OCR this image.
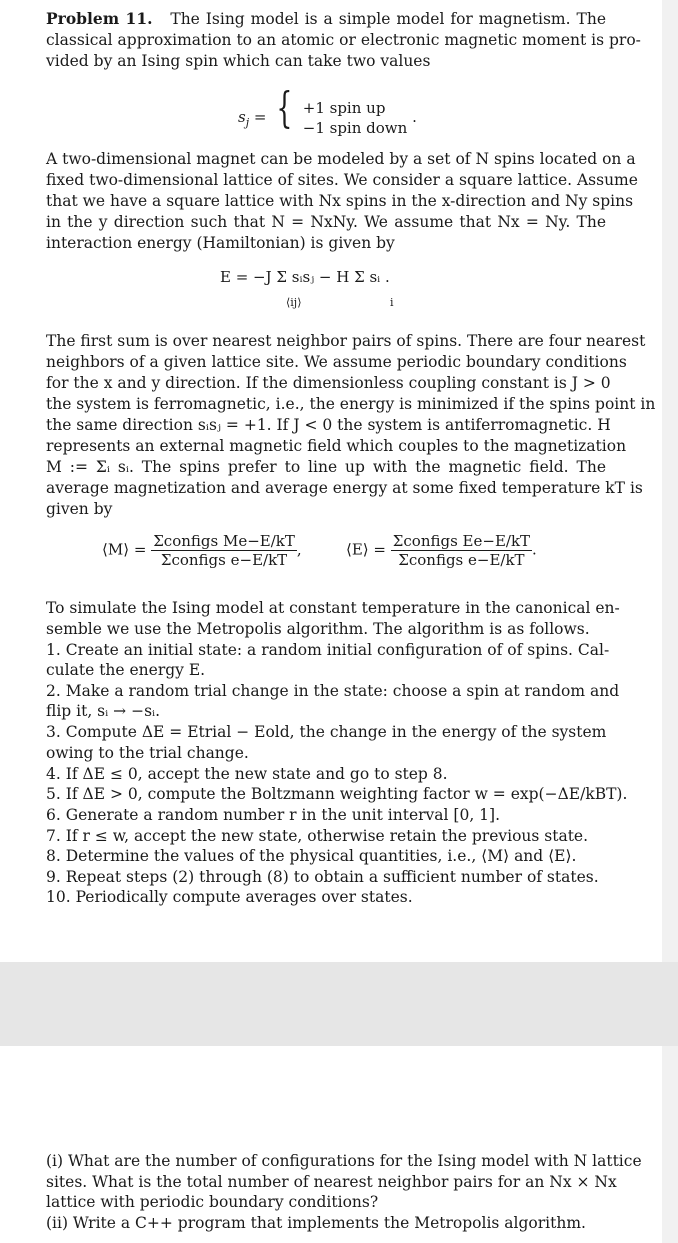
Problem 11. The Ising model is a simple model for magnetism. The
classical approximation to an atomic or electronic magnetic moment is pro-
vided by an Ising spin which can take two values
$s_j$ = { +1 spin up
−1 spin down
.
A two-dimensional magnet can be modeled by a set of N spins located on a
fixed two-dimensional lattice of sites. We consider a square lattice. Assume
that we have a square lattice with Nx spins in the x-direction and Ny spins
in the y direction such that N = NxNy. We assume that Nx = Ny. The
interaction energy (Hamiltonian) is given by
E = −J Σ sᵢsⱼ − H Σ sᵢ .
⟨ij⟩	i
The first sum is over nearest neighbor pairs of spins. There are four nearest
neighbors of a given lattice site. We assume periodic boundary conditions
for the x and y direction. If the dimensionless coupling constant is J > 0
the system is ferromagnetic, i.e., the energy is minimized if the spins point in
the same direction sᵢsⱼ = +1. If J < 0 the system is antiferromagnetic. H
represents an external magnetic field which couples to the magnetization
M := Σᵢ sᵢ. The spins prefer to line up with the magnetic field. The
average magnetization and average energy at some fixed temperature kT is
given by
⟨M⟩ = $\frac{\text{Σconfigs Me−E/kT}}{\text{Σconfigs e−E/kT}}$ ,	⟨E⟩ = $\frac{\text{Σconfigs Ee−E/kT}}{\text{Σconfigs e−E/kT}}$ .
To simulate the Ising model at constant temperature in the canonical en-
semble we use the Metropolis algorithm. The algorithm is as follows.
1. Create an initial state: a random initial configuration of of spins. Cal-
culate the energy E.
2. Make a random trial change in the state: choose a spin at random and
flip it, sᵢ → −sᵢ.
3. Compute ΔE = Etrial − Eold, the change in the energy of the system
owing to the trial change.
4. If ΔE ≤ 0, accept the new state and go to step 8.
5. If ΔE > 0, compute the Boltzmann weighting factor w = exp(−ΔE/kBT).
6. Generate a random number r in the unit interval [0, 1].
7. If r ≤ w, accept the new state, otherwise retain the previous state.
8. Determine the values of the physical quantities, i.e., ⟨M⟩ and ⟨E⟩.
9. Repeat steps (2) through (8) to obtain a sufficient number of states.
10. Periodically compute averages over states.
(i) What are the number of configurations for the Ising model with N lattice
sites. What is the total number of nearest neighbor pairs for an Nx × Nx
lattice with periodic boundary conditions?
(ii) Write a C++ program that implements the Metropolis algorithm.
